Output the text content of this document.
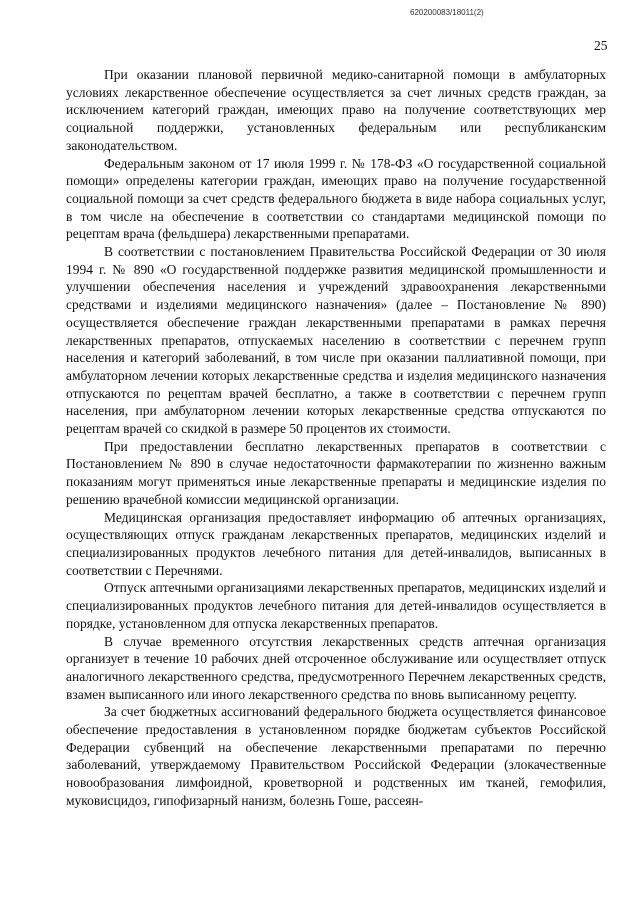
620200083/18011(2)
25

При оказании плановой первичной медико-санитарной помощи в амбулаторных условиях лекарственное обеспечение осуществляется за счет личных средств граждан, за исключением категорий граждан, имеющих право на получение соответствующих мер социальной поддержки, установленных федеральным или республиканским законодательством.

Федеральным законом от 17 июля 1999 г. № 178-ФЗ «О государственной социальной помощи» определены категории граждан, имеющих право на получение государственной социальной помощи за счет средств федерального бюджета в виде набора социальных услуг, в том числе на обеспечение в соответствии со стандартами медицинской помощи по рецептам врача (фельдшера) лекарственными препаратами.

В соответствии с постановлением Правительства Российской Федерации от 30 июля 1994 г. № 890 «О государственной поддержке развития медицинской промышленности и улучшении обеспечения населения и учреждений здравоохранения лекарственными средствами и изделиями медицинского назначения» (далее – Постановление № 890) осуществляется обеспечение граждан лекарственными препаратами в рамках перечня лекарственных препаратов, отпускаемых населению в соответствии с перечнем групп населения и категорий заболеваний, в том числе при оказании паллиативной помощи, при амбулаторном лечении которых лекарственные средства и изделия медицинского назначения отпускаются по рецептам врачей бесплатно, а также в соответствии с перечнем групп населения, при амбулаторном лечении которых лекарственные средства отпускаются по рецептам врачей со скидкой в размере 50 процентов их стоимости.

При предоставлении бесплатно лекарственных препаратов в соответствии с Постановлением № 890 в случае недостаточности фармакотерапии по жизненно важным показаниям могут применяться иные лекарственные препараты и медицинские изделия по решению врачебной комиссии медицинской организации.

Медицинская организация предоставляет информацию об аптечных организациях, осуществляющих отпуск гражданам лекарственных препаратов, медицинских изделий и специализированных продуктов лечебного питания для детей-инвалидов, выписанных в соответствии с Перечнями.

Отпуск аптечными организациями лекарственных препаратов, медицинских изделий и специализированных продуктов лечебного питания для детей-инвалидов осуществляется в порядке, установленном для отпуска лекарственных препаратов.

В случае временного отсутствия лекарственных средств аптечная организация организует в течение 10 рабочих дней отсроченное обслуживание или осуществляет отпуск аналогичного лекарственного средства, предусмотренного Перечнем лекарственных средств, взамен выписанного или иного лекарственного средства по вновь выписанному рецепту.

За счет бюджетных ассигнований федерального бюджета осуществляется финансовое обеспечение предоставления в установленном порядке бюджетам субъектов Российской Федерации субвенций на обеспечение лекарственными препаратами по перечню заболеваний, утверждаемому Правительством Российской Федерации (злокачественные новообразования лимфоидной, кроветворной и родственных им тканей, гемофилия, муковисцидоз, гипофизарный нанизм, болезнь Гоше, рассеян-
